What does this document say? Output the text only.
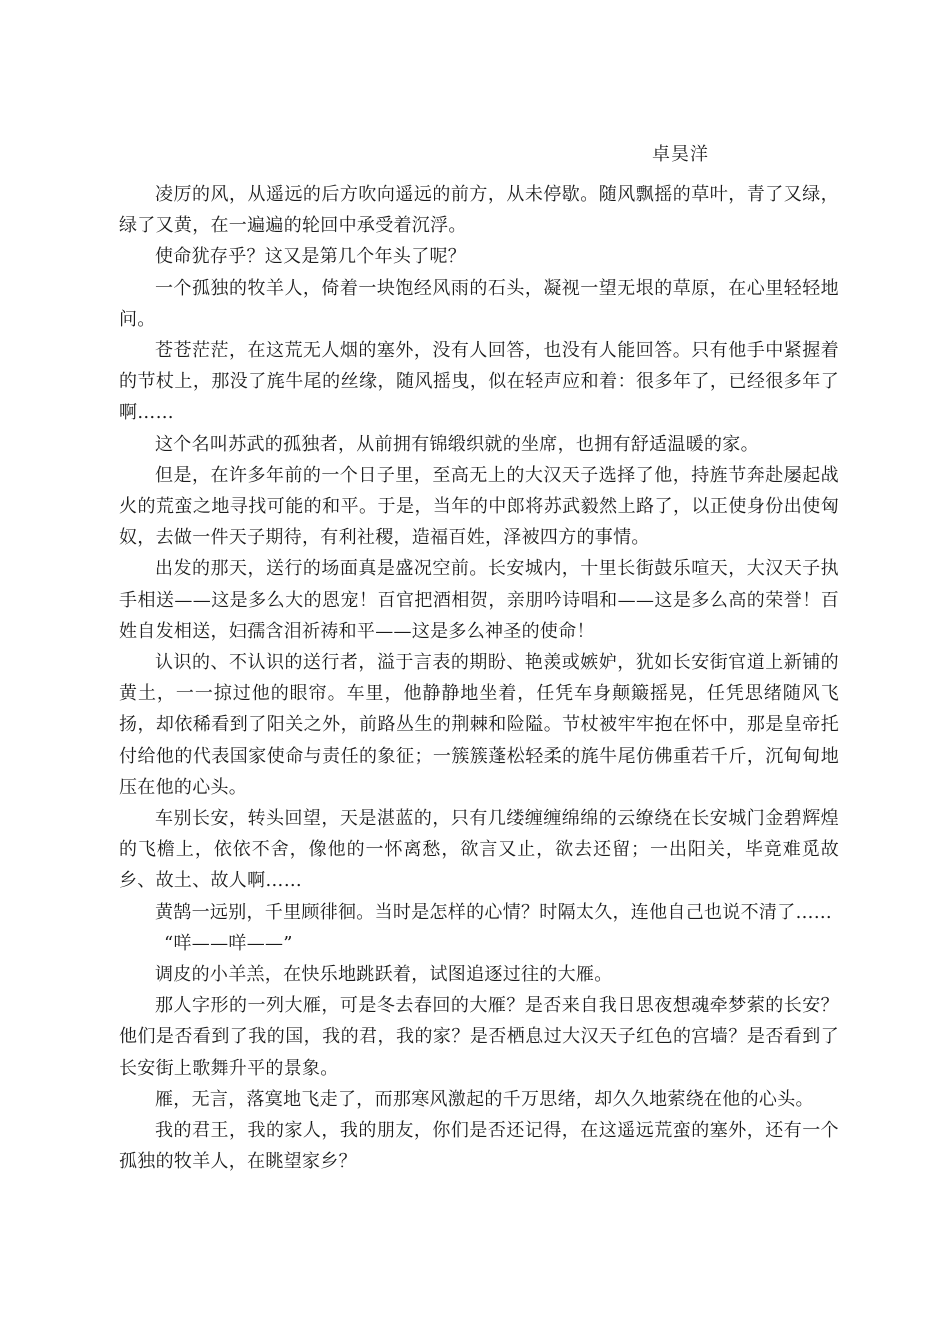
卓昊洋

凌厉的风，从遥远的后方吹向遥远的前方，从未停歇。随风飘摇的草叶，青了又绿，绿了又黄，在一遍遍的轮回中承受着沉浮。

使命犹存乎？这又是第几个年头了呢？

一个孤独的牧羊人，倚着一块饱经风雨的石头，凝视一望无垠的草原，在心里轻轻地问。

苍苍茫茫，在这荒无人烟的塞外，没有人回答，也没有人能回答。只有他手中紧握着的节杖上，那没了旄牛尾的丝缘，随风摇曳，似在轻声应和着：很多年了，已经很多年了啊……

这个名叫苏武的孤独者，从前拥有锦缎织就的坐席，也拥有舒适温暖的家。

但是，在许多年前的一个日子里，至高无上的大汉天子选择了他，持旌节奔赴屡起战火的荒蛮之地寻找可能的和平。于是，当年的中郎将苏武毅然上路了，以正使身份出使匈奴，去做一件天子期待，有利社稷，造福百姓，泽被四方的事情。

出发的那天，送行的场面真是盛况空前。长安城内，十里长街鼓乐喧天，大汉天子执手相送——这是多么大的恩宠！百官把酒相贺，亲朋吟诗唱和——这是多么高的荣誉！百姓自发相送，妇孺含泪祈祷和平——这是多么神圣的使命！

认识的、不认识的送行者，溢于言表的期盼、艳羡或嫉妒，犹如长安街官道上新铺的黄土，一一掠过他的眼帘。车里，他静静地坐着，任凭车身颠簸摇晃，任凭思绪随风飞扬，却依稀看到了阳关之外，前路丛生的荆棘和险隘。节杖被牢牢抱在怀中，那是皇帝托付给他的代表国家使命与责任的象征；一簇簇蓬松轻柔的旄牛尾仿佛重若千斤，沉甸甸地压在他的心头。

车别长安，转头回望，天是湛蓝的，只有几缕缠缠绵绵的云缭绕在长安城门金碧辉煌的飞檐上，依依不舍，像他的一怀离愁，欲言又止，欲去还留；一出阳关，毕竟难觅故乡、故土、故人啊……

黄鹄一远别，千里顾徘徊。当时是怎样的心情？时隔太久，连他自己也说不清了……

“咩——咩——”

调皮的小羊羔，在快乐地跳跃着，试图追逐过往的大雁。

那人字形的一列大雁，可是冬去春回的大雁？是否来自我日思夜想魂牵梦萦的长安？他们是否看到了我的国，我的君，我的家？是否栖息过大汉天子红色的宫墙？是否看到了长安街上歌舞升平的景象。

雁，无言，落寞地飞走了，而那寒风激起的千万思绪，却久久地萦绕在他的心头。

我的君王，我的家人，我的朋友，你们是否还记得，在这遥远荒蛮的塞外，还有一个孤独的牧羊人，在眺望家乡？
